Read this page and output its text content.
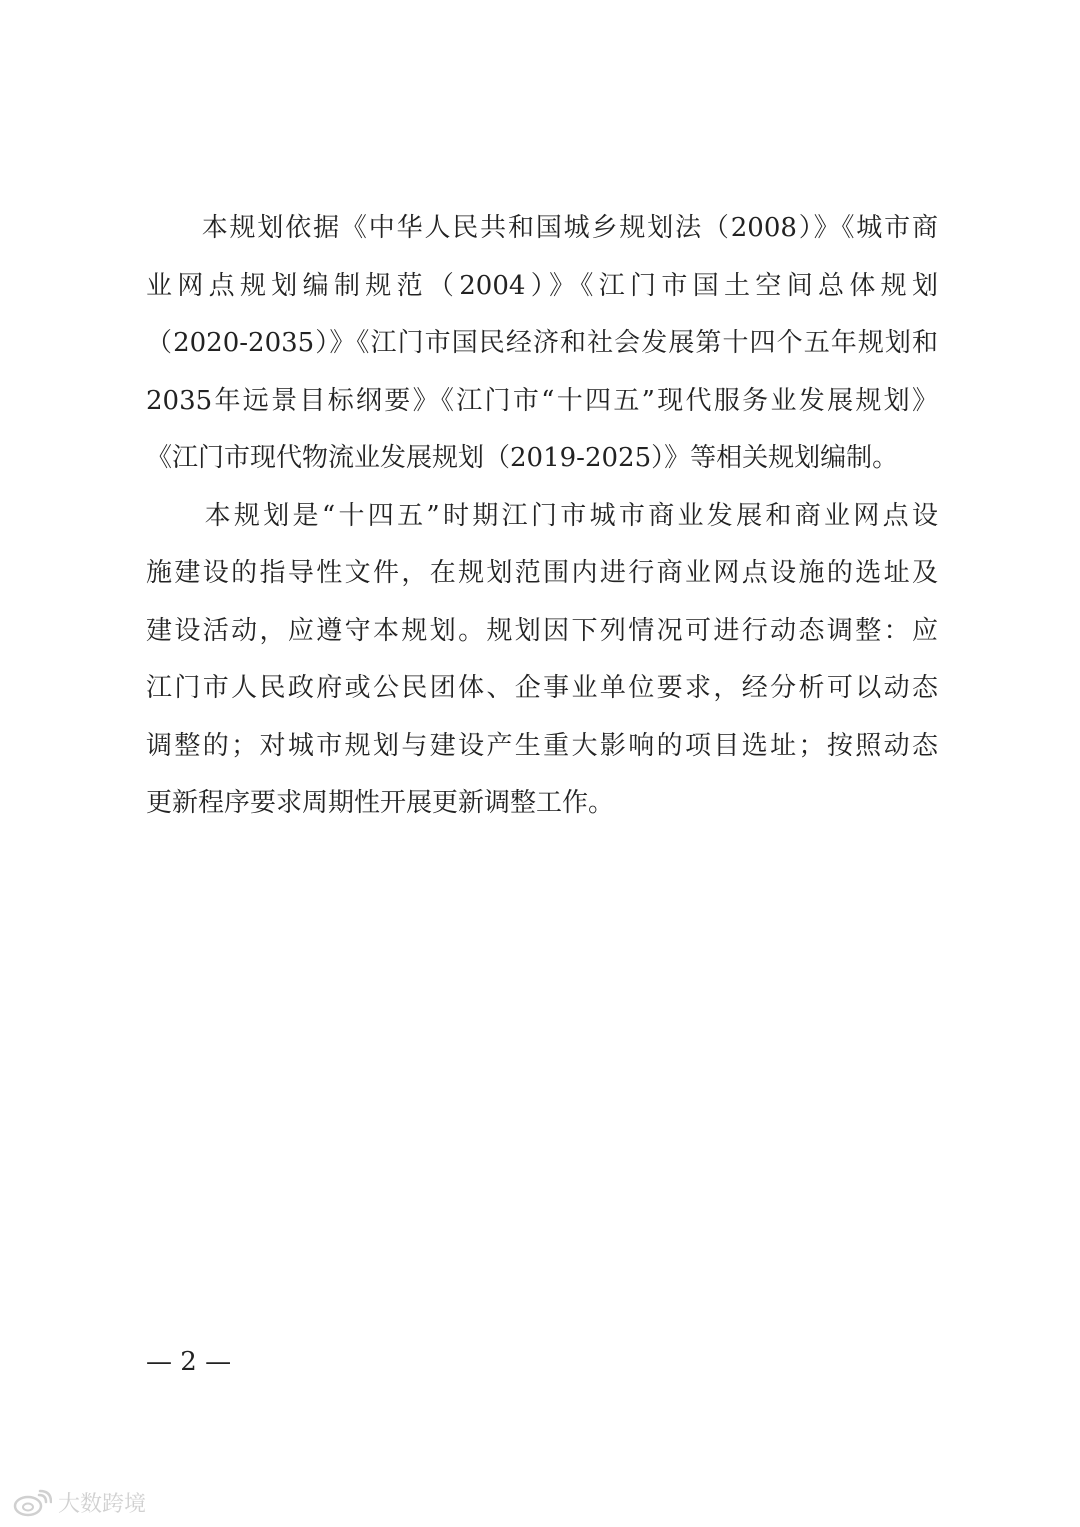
　　本规划依据《中华人民共和国城乡规划法（2008）》《城市商
业网点规划编制规范（2004）》《江门市国土空间总体规划
（2020-2035）》《江门市国民经济和社会发展第十四个五年规划和
2035年远景目标纲要》《江门市“十四五”现代服务业发展规划》
《江门市现代物流业发展规划（2019-2025）》等相关规划编制。
　　本规划是“十四五”时期江门市城市商业发展和商业网点设
施建设的指导性文件，在规划范围内进行商业网点设施的选址及
建设活动，应遵守本规划。规划因下列情况可进行动态调整：应
江门市人民政府或公民团体、企事业单位要求，经分析可以动态
调整的；对城市规划与建设产生重大影响的项目选址；按照动态
更新程序要求周期性开展更新调整工作。
— 2 —
大数跨境
